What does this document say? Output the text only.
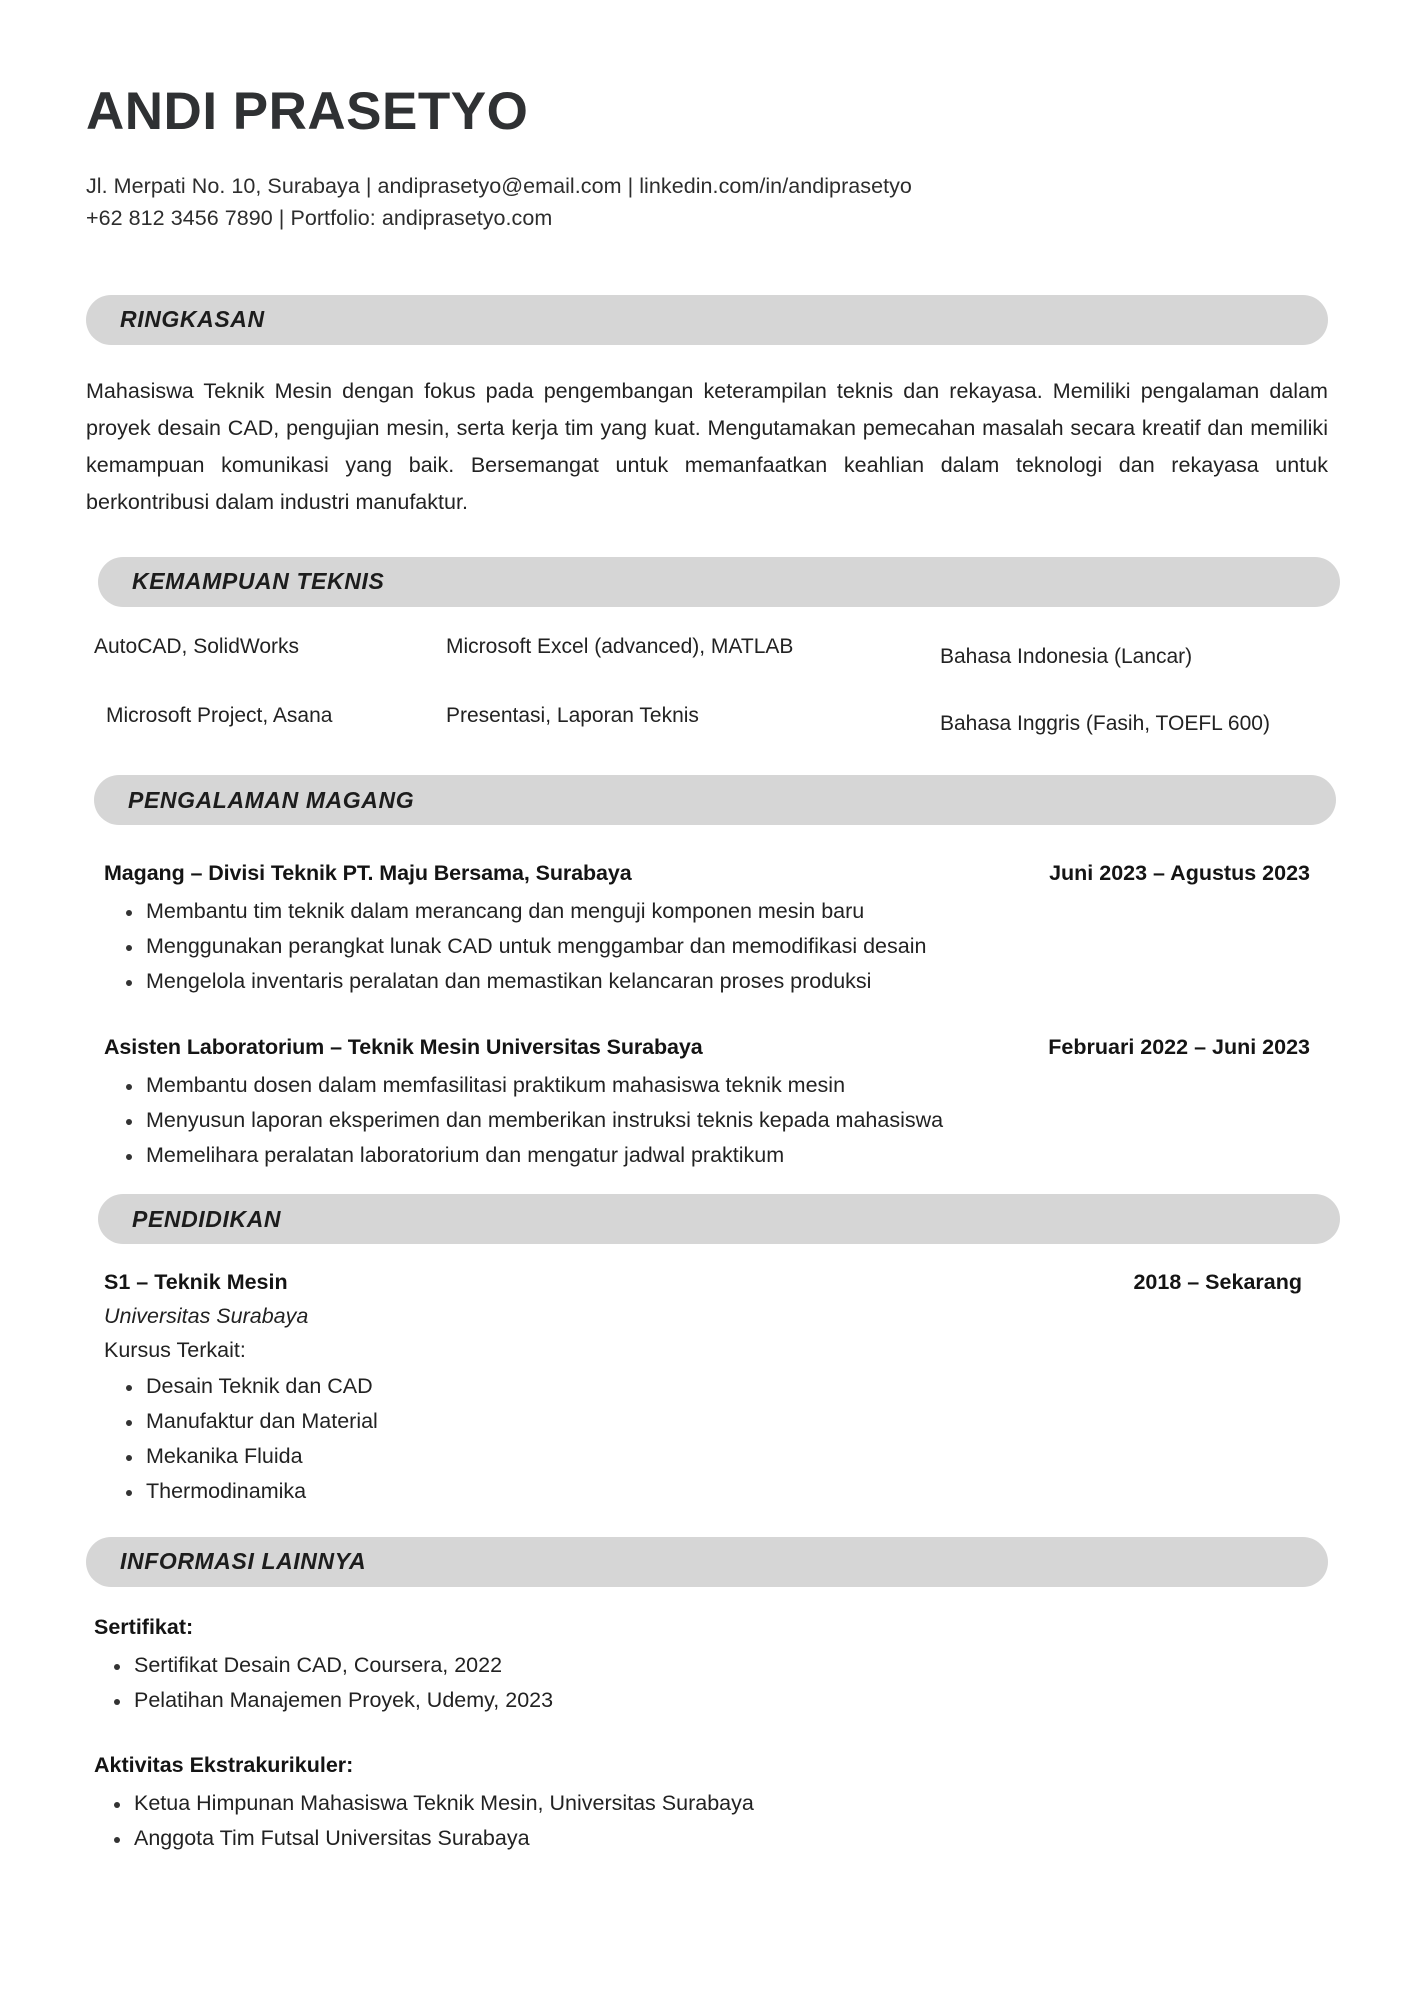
ANDI PRASETYO
Jl. Merpati No. 10, Surabaya | andiprasetyo@email.com | linkedin.com/in/andiprasetyo
+62 812 3456 7890 | Portfolio: andiprasetyo.com
RINGKASAN

Mahasiswa Teknik Mesin dengan fokus pada pengembangan keterampilan teknis dan rekayasa. Memiliki pengalaman dalam proyek desain CAD, pengujian mesin, serta kerja tim yang kuat. Mengutamakan pemecahan masalah secara kreatif dan memiliki kemampuan komunikasi yang baik. Bersemangat untuk memanfaatkan keahlian dalam teknologi dan rekayasa untuk berkontribusi dalam industri manufaktur.

KEMAMPUAN TEKNIS
AutoCAD, SolidWorks	Microsoft Excel (advanced), MATLAB	Bahasa Indonesia (Lancar)
Microsoft Project, Asana	Presentasi, Laporan Teknis	Bahasa Inggris (Fasih, TOEFL 600)
PENGALAMAN MAGANG
Magang – Divisi Teknik PT. Maju Bersama, Surabaya	Juni 2023 – Agustus 2023
Membantu tim teknik dalam merancang dan menguji komponen mesin baru
Menggunakan perangkat lunak CAD untuk menggambar dan memodifikasi desain
Mengelola inventaris peralatan dan memastikan kelancaran proses produksi
Asisten Laboratorium – Teknik Mesin Universitas Surabaya	Februari 2022 – Juni 2023
Membantu dosen dalam memfasilitasi praktikum mahasiswa teknik mesin
Menyusun laporan eksperimen dan memberikan instruksi teknis kepada mahasiswa
Memelihara peralatan laboratorium dan mengatur jadwal praktikum
PENDIDIKAN
S1 – Teknik Mesin	2018 – Sekarang
Universitas Surabaya
Kursus Terkait:
Desain Teknik dan CAD
Manufaktur dan Material
Mekanika Fluida
Thermodinamika
INFORMASI LAINNYA
Sertifikat:
Sertifikat Desain CAD, Coursera, 2022
Pelatihan Manajemen Proyek, Udemy, 2023
Aktivitas Ekstrakurikuler:
Ketua Himpunan Mahasiswa Teknik Mesin, Universitas Surabaya
Anggota Tim Futsal Universitas Surabaya
